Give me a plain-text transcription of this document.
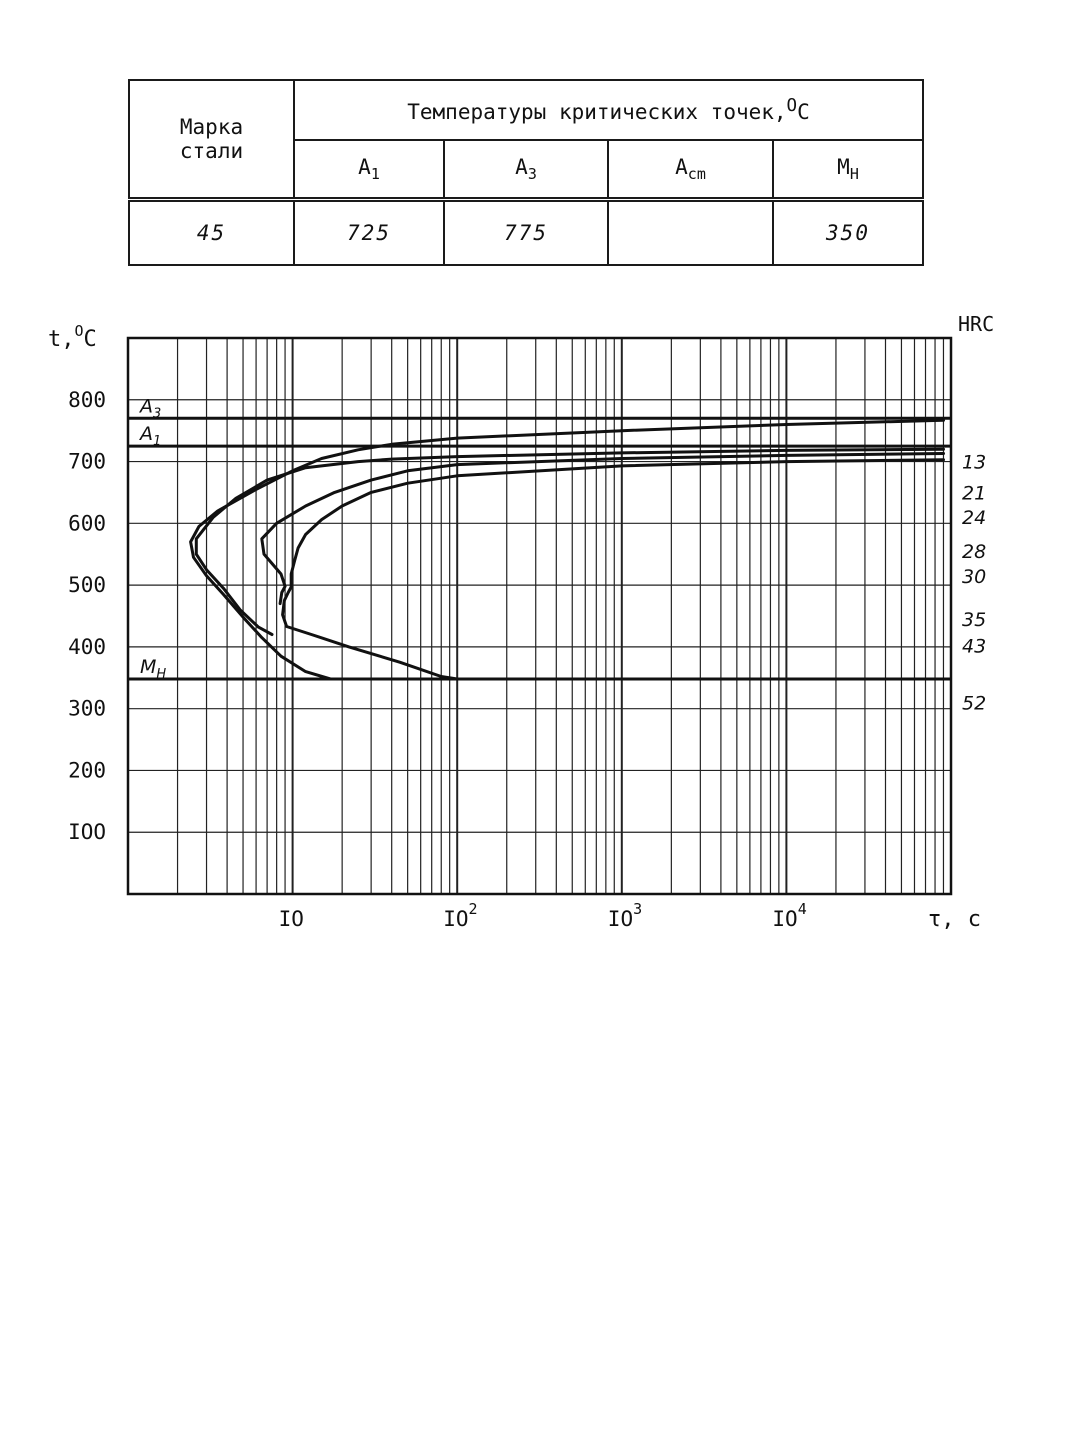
Марка
стали	Температуры критических точек,$^O$C			
	$A_1$	$A_3$	$A_{cm}$	$M_H$
45	725	775		350
$A_3$
$A_1$
$M_H$
IOO
200
300
400
500
600
700
800
IO	$IO^2$	$IO^3$	$IO^4$
13
21
24
28
30
35
43
52
t,$^O$C
HRC
τ, c
